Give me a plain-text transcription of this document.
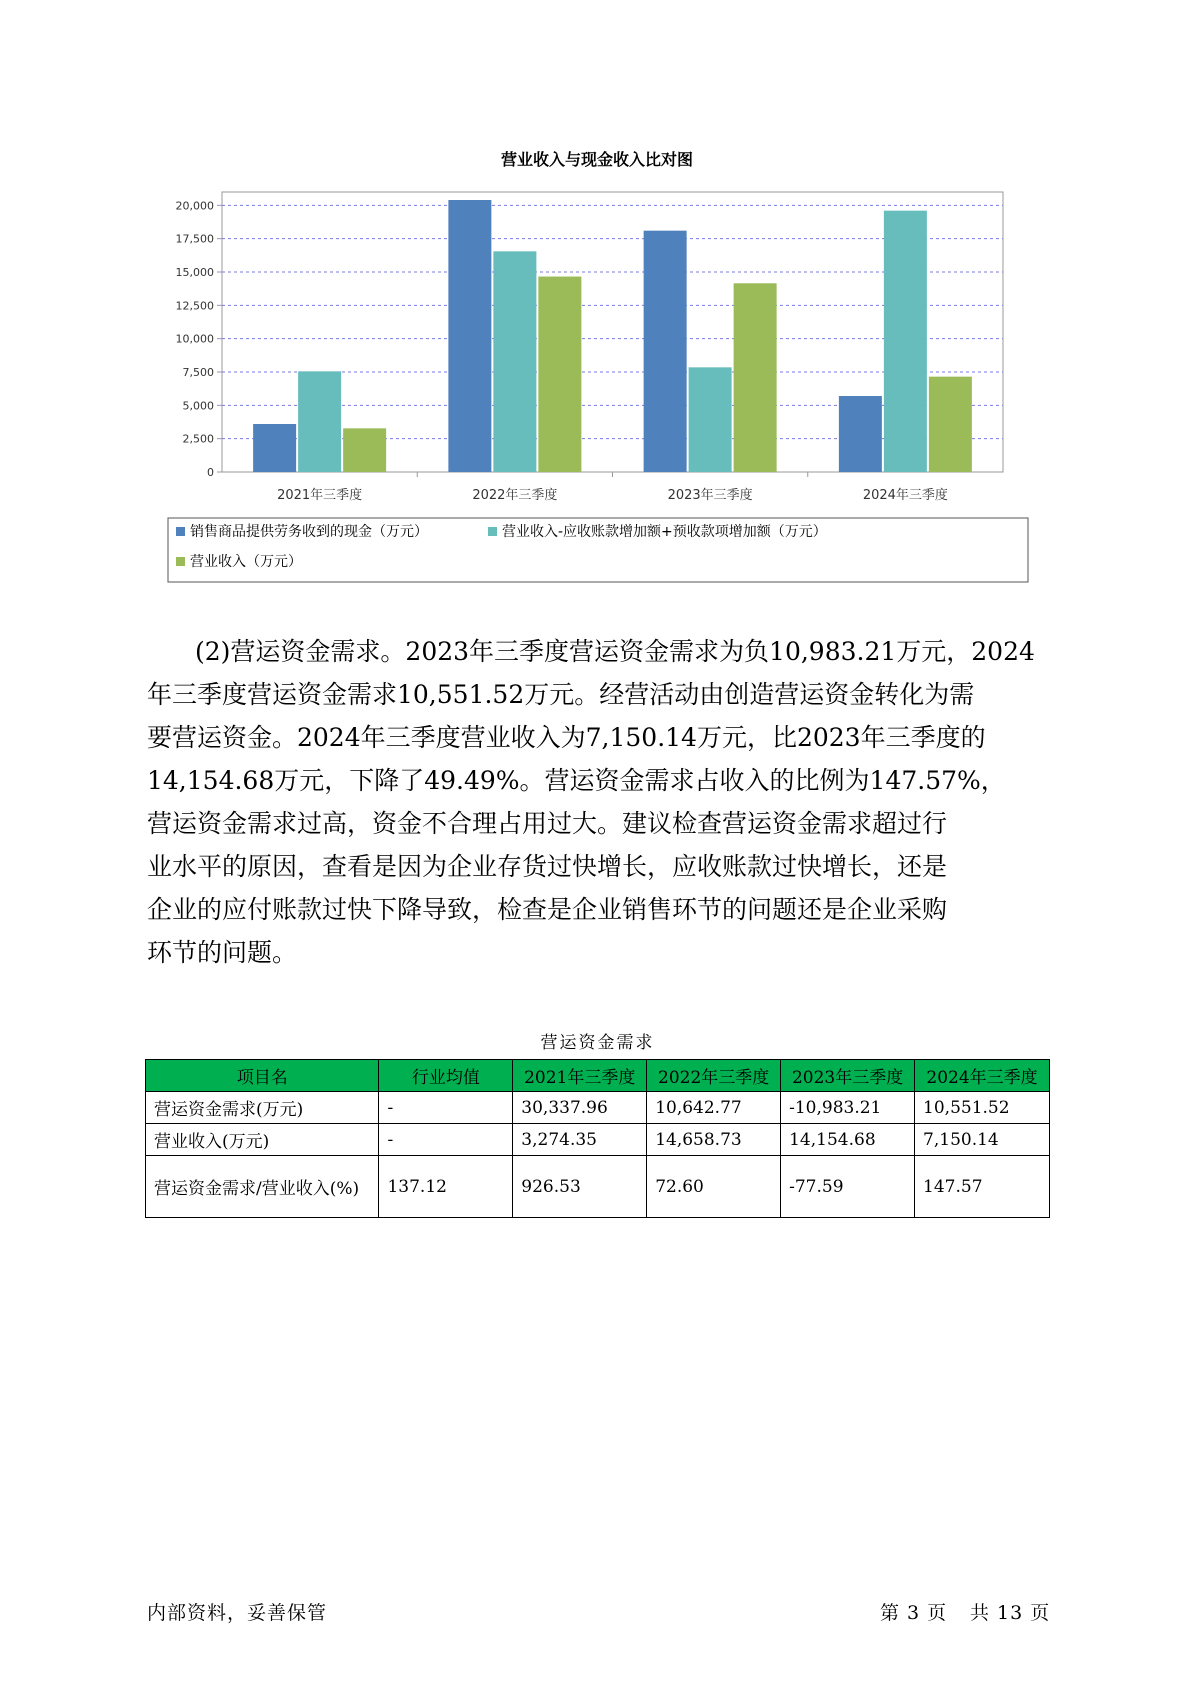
营业收入与现金收入比对图
0
2,500
5,000
7,500
10,000
12,500
15,000
17,500
20,000
2021年三季度	2022年三季度	2023年三季度	2024年三季度
销售商品提供劳务收到的现金（万元）	营业收入-应收账款增加额+预收款项增加额（万元）
营业收入（万元）

(2)营运资金需求。2023年三季度营运资金需求为负10,983.21万元，2024
年三季度营运资金需求10,551.52万元。经营活动由创造营运资金转化为需
要营运资金。2024年三季度营业收入为7,150.14万元，比2023年三季度的
14,154.68万元，下降了49.49%。营运资金需求占收入的比例为147.57%，
营运资金需求过高，资金不合理占用过大。建议检查营运资金需求超过行
业水平的原因，查看是因为企业存货过快增长，应收账款过快增长，还是
企业的应付账款过快下降导致，检查是企业销售环节的问题还是企业采购
环节的问题。

营运资金需求
项目名	行业均值	2021年三季度	2022年三季度	2023年三季度	2024年三季度
营运资金需求(万元)	-	30,337.96	10,642.77	-10,983.21	10,551.52
营业收入(万元)	-	3,274.35	14,658.73	14,154.68	7,150.14
营运资金需求/营业收入(%)	137.12	926.53	72.60	-77.59	147.57
内部资料，妥善保管	第 3 页 共 13 页
